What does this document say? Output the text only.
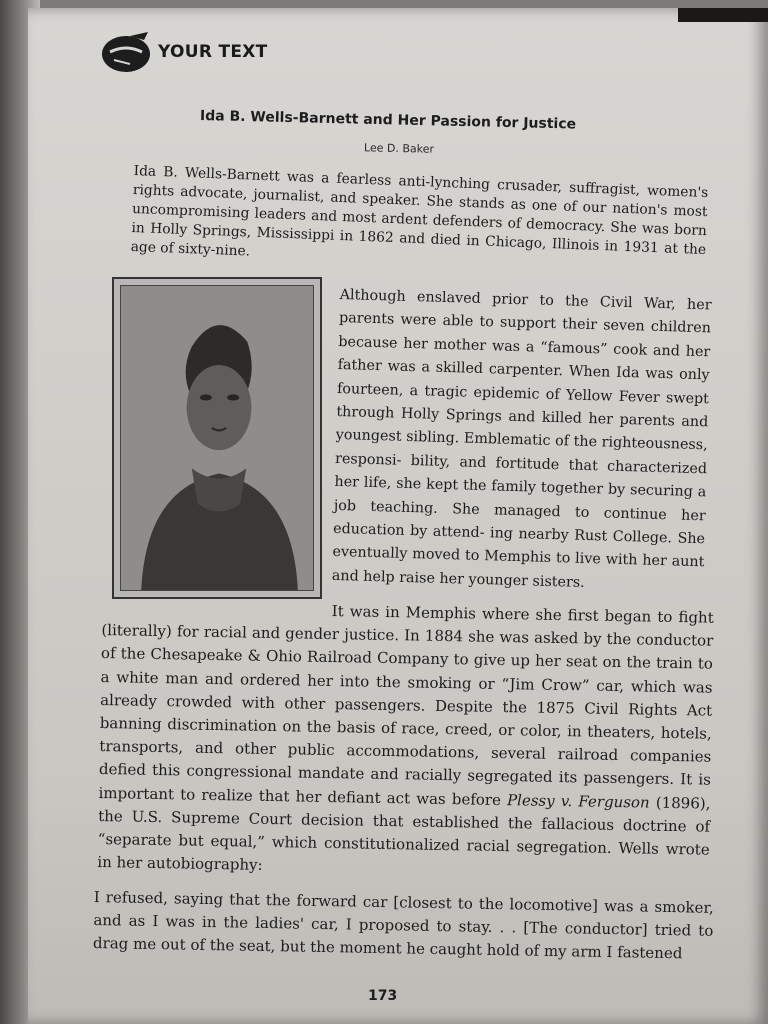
YOUR TEXT
Ida B. Wells-Barnett and Her Passion for Justice
Lee D. Baker

Ida B. Wells-Barnett was a fearless anti-lynching crusader, suffragist, women's rights advocate, journalist, and speaker. She stands as one of our nation's most uncompromising leaders and most ardent defenders of democracy. She was born in Holly Springs, Mississippi in 1862 and died in Chicago, Illinois in 1931 at the age of sixty-nine.

Although enslaved prior to the Civil War, her parents were able to support their seven children because her mother was a “famous” cook and her father was a skilled carpenter. When Ida was only fourteen, a tragic epidemic of Yellow Fever swept through Holly Springs and killed her parents and youngest sibling. Emblematic of the righteousness, responsi- bility, and fortitude that characterized her life, she kept the family together by securing a job teaching. She managed to continue her education by attend- ing nearby Rust College. She eventually moved to Memphis to live with her aunt and help raise her younger sisters.

It was in Memphis where she first began to fight (literally) for racial and gender justice. In 1884 she was asked by the conductor of the Chesapeake & Ohio Railroad Company to give up her seat on the train to a white man and ordered her into the smoking or “Jim Crow” car, which was already crowded with other passengers. Despite the 1875 Civil Rights Act banning discrimination on the basis of race, creed, or color, in theaters, hotels, transports, and other public accommodations, several railroad companies defied this congressional mandate and racially segregated its passengers. It is important to realize that her defiant act was before Plessy v. Ferguson (1896), the U.S. Supreme Court decision that established the fallacious doctrine of “separate but equal,” which constitutionalized racial segregation. Wells wrote in her autobiography:

I refused, saying that the forward car [closest to the locomotive] was a smoker, and as I was in the ladies' car, I proposed to stay. . . [The conductor] tried to drag me out of the seat, but the moment he caught hold of my arm I fastened

173
